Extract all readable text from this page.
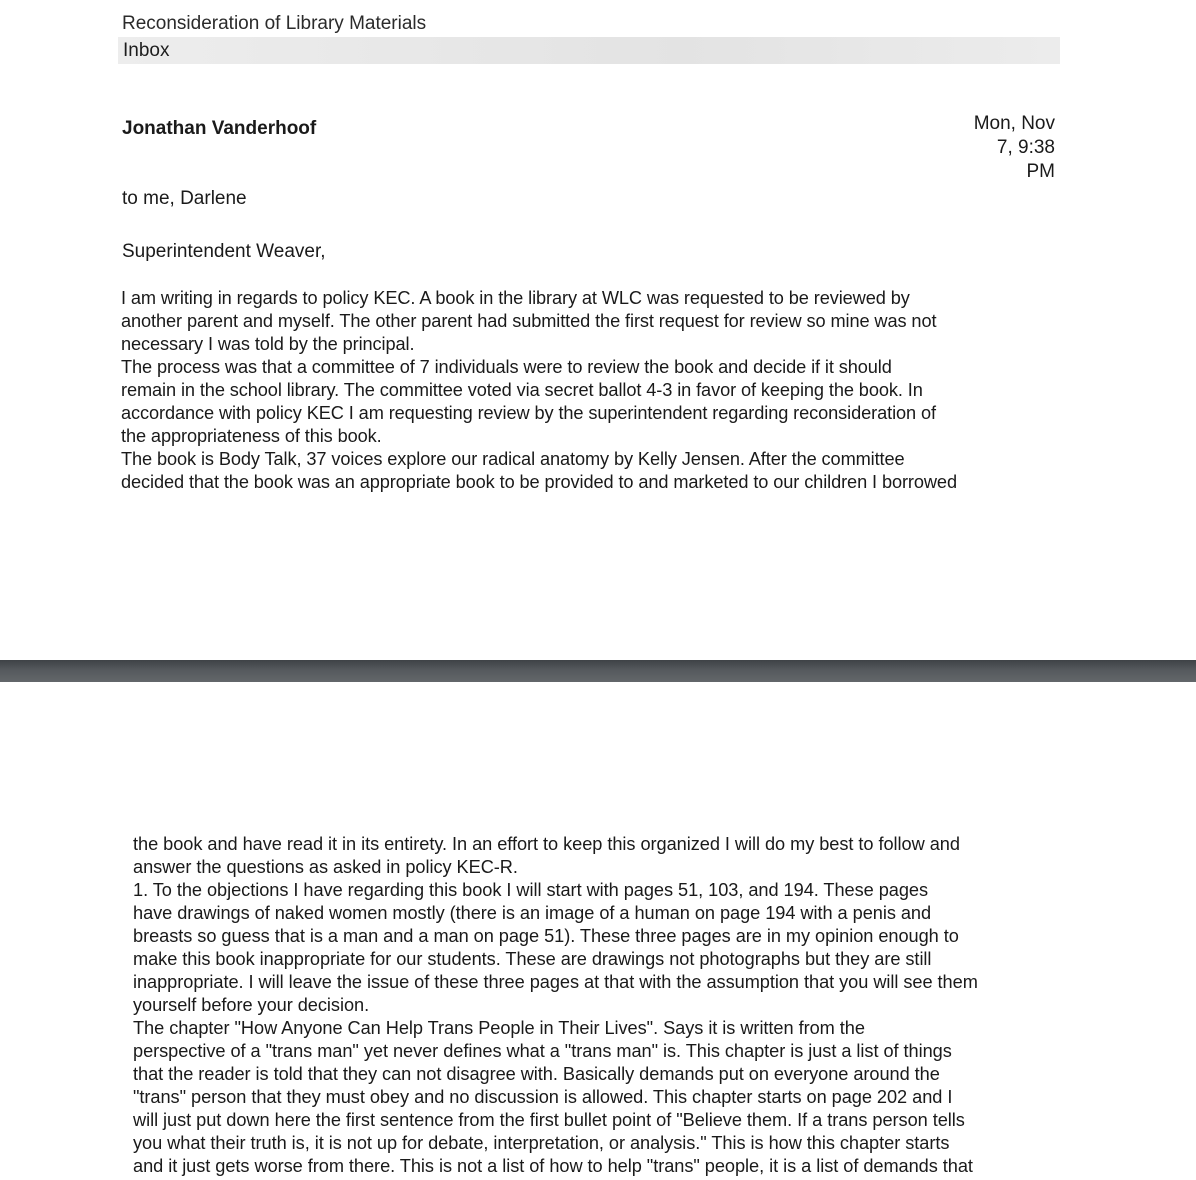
Reconsideration of Library Materials
Inbox
Jonathan Vanderhoof	Mon, Nov
7, 9:38
PM
to me, Darlene
Superintendent Weaver,
I am writing in regards to policy KEC. A book in the library at WLC was requested to be reviewed by
another parent and myself. The other parent had submitted the first request for review so mine was not
necessary I was told by the principal.
The process was that a committee of 7 individuals were to review the book and decide if it should
remain in the school library. The committee voted via secret ballot 4-3 in favor of keeping the book. In
accordance with policy KEC I am requesting review by the superintendent regarding reconsideration of
the appropriateness of this book.
The book is Body Talk, 37 voices explore our radical anatomy by Kelly Jensen. After the committee
decided that the book was an appropriate book to be provided to and marketed to our children I borrowed
the book and have read it in its entirety. In an effort to keep this organized I will do my best to follow and
answer the questions as asked in policy KEC-R.
1. To the objections I have regarding this book I will start with pages 51, 103, and 194. These pages
have drawings of naked women mostly (there is an image of a human on page 194 with a penis and
breasts so guess that is a man and a man on page 51). These three pages are in my opinion enough to
make this book inappropriate for our students. These are drawings not photographs but they are still
inappropriate. I will leave the issue of these three pages at that with the assumption that you will see them
yourself before your decision.
The chapter "How Anyone Can Help Trans People in Their Lives". Says it is written from the
perspective of a "trans man" yet never defines what a "trans man" is. This chapter is just a list of things
that the reader is told that they can not disagree with. Basically demands put on everyone around the
"trans" person that they must obey and no discussion is allowed. This chapter starts on page 202 and I
will just put down here the first sentence from the first bullet point of "Believe them. If a trans person tells
you what their truth is, it is not up for debate, interpretation, or analysis." This is how this chapter starts
and it just gets worse from there. This is not a list of how to help "trans" people, it is a list of demands that
